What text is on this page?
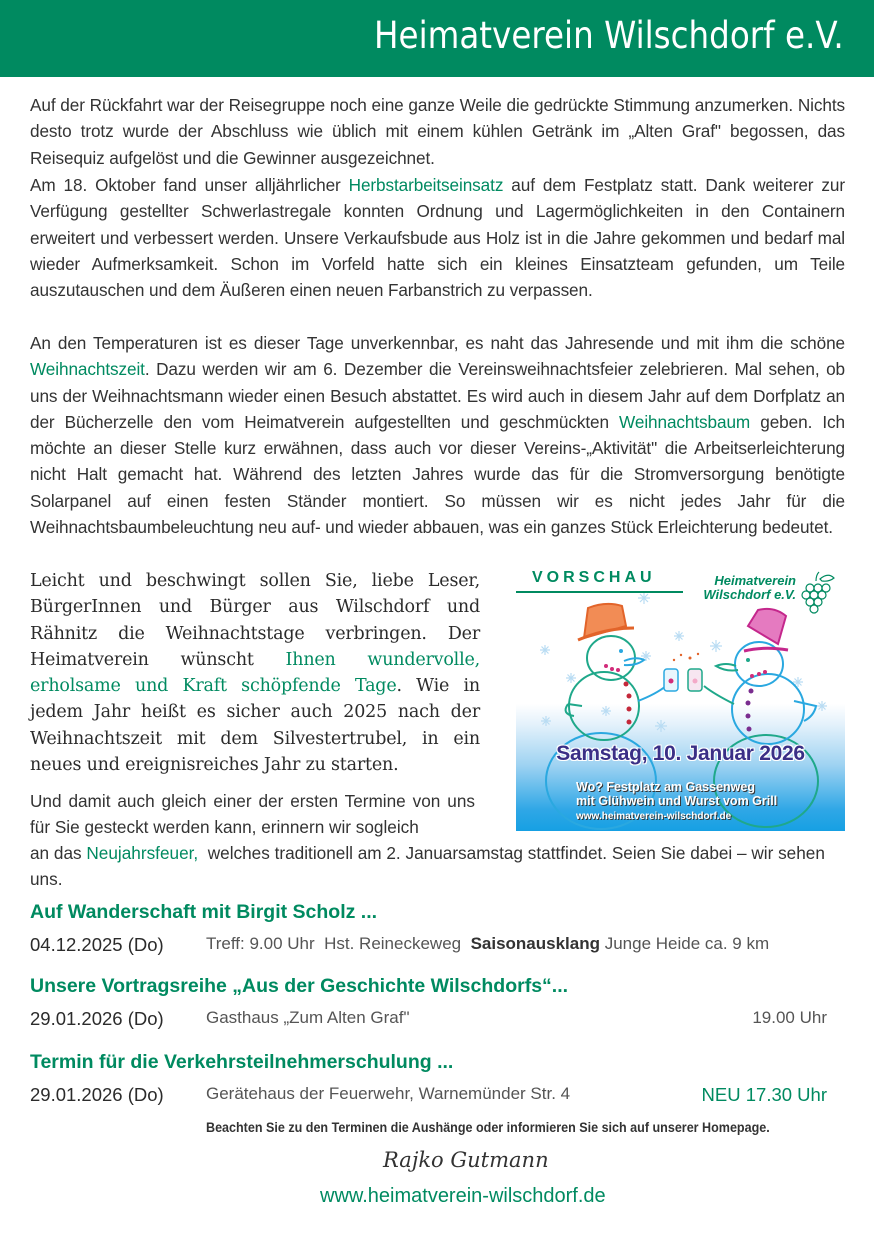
Heimatverein Wilschdorf e.V.

Auf der Rückfahrt war der Reisegruppe noch eine ganze Weile die gedrückte Stimmung anzumerken. Nichts desto trotz wurde der Abschluss wie üblich mit einem kühlen Getränk im „Alten Graf" begossen, das Reisequiz aufgelöst und die Gewinner ausgezeichnet.

Am 18. Oktober fand unser alljährlicher Herbstarbeitseinsatz auf dem Festplatz statt. Dank weiterer zur Verfügung gestellter Schwerlastregale konnten Ordnung und Lagermöglichkeiten in den Containern erweitert und verbessert werden. Unsere Verkaufsbude aus Holz ist in die Jahre gekommen und bedarf mal wieder Aufmerksamkeit. Schon im Vorfeld hatte sich ein kleines Einsatzteam gefunden, um Teile auszutauschen und dem Äußeren einen neuen Farbanstrich zu verpassen.

An den Temperaturen ist es dieser Tage unverkennbar, es naht das Jahresende und mit ihm die schöne Weihnachtszeit. Dazu werden wir am 6. Dezember die Vereinsweihnachtsfeier zelebrieren. Mal sehen, ob uns der Weihnachtsmann wieder einen Besuch abstattet. Es wird auch in diesem Jahr auf dem Dorfplatz an der Bücherzelle den vom Heimatverein aufgestellten und geschmückten Weihnachtsbaum geben. Ich möchte an dieser Stelle kurz erwähnen, dass auch vor dieser Vereins-„Aktivität" die Arbeitserleichterung nicht Halt gemacht hat. Während des letzten Jahres wurde das für die Stromversorgung benötigte Solarpanel auf einen festen Ständer montiert. So müssen wir es nicht jedes Jahr für die Weihnachtsbaumbeleuchtung neu auf- und wieder abbauen, was ein ganzes Stück Erleichterung bedeutet.

Leicht und beschwingt sollen Sie, liebe Leser, BürgerInnen und Bürger aus Wilschdorf und Rähnitz die Weihnachtstage verbringen. Der Heimatverein wünscht Ihnen wundervolle, erholsame und Kraft schöpfende Tage. Wie in jedem Jahr heißt es sicher auch 2025 nach der Weihnachtszeit mit dem Silvestertrubel, in ein neues und ereignisreiches Jahr zu starten.

VORSCHAU	Heimatverein
Wilschdorf e.V.
Samstag, 10. Januar 2026
Wo? Festplatz am Gassenweg
mit Glühwein und Wurst vom Grill
www.heimatverein-wilschdorf.de

Und damit auch gleich einer der ersten Termine von uns für Sie gesteckt werden kann, erinnern wir sogleich

an das Neujahrsfeuer,  welches traditionell am 2. Januarsamstag stattfindet. Seien Sie dabei – wir sehen uns.

Auf Wanderschaft mit Birgit Scholz ...
04.12.2025 (Do) Treff: 9.00 Uhr  Hst. Reineckeweg  Saisonausklang Junge Heide ca. 9 km
Unsere Vortragsreihe „Aus der Geschichte Wilschdorfs“...
29.01.2026 (Do) Gasthaus „Zum Alten Graf"	19.00 Uhr
Termin für die Verkehrsteilnehmerschulung ...
29.01.2026 (Do) Gerätehaus der Feuerwehr, Warnemünder Str. 4	NEU 17.30 Uhr
Beachten Sie zu den Terminen die Aushänge oder informieren Sie sich auf unserer Homepage.
Rajko Gutmann
www.heimatverein-wilschdorf.de
